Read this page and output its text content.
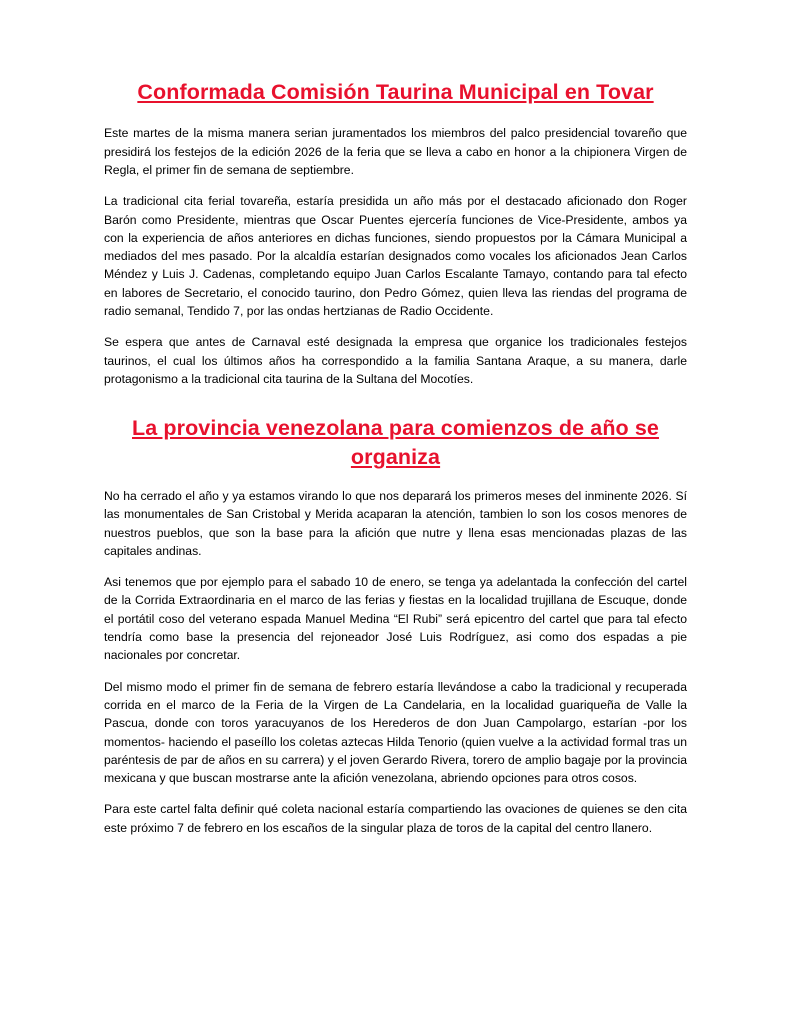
Conformada Comisión Taurina Municipal en Tovar

Este martes de la misma manera serian juramentados los miembros del palco presidencial tovareño que presidirá los festejos de la edición 2026 de la feria que se lleva a cabo en honor a la chipionera Virgen de Regla, el primer fin de semana de septiembre.

La tradicional cita ferial tovareña, estaría presidida un año más por el destacado aficionado don Roger Barón como Presidente, mientras que Oscar Puentes ejercería funciones de Vice-Presidente, ambos ya con la experiencia de años anteriores en dichas funciones, siendo propuestos por la Cámara Municipal a mediados del mes pasado. Por la alcaldía estarían designados como vocales los aficionados Jean Carlos Méndez y Luis J. Cadenas, completando equipo Juan Carlos Escalante Tamayo, contando para tal efecto en labores de Secretario, el conocido taurino, don Pedro Gómez, quien lleva las riendas del programa de radio semanal, Tendido 7, por las ondas hertzianas de Radio Occidente.

Se espera que antes de Carnaval esté designada la empresa que organice los tradicionales festejos taurinos, el cual los últimos años ha correspondido a la familia Santana Araque, a su manera, darle protagonismo a la tradicional cita taurina de la Sultana del Mocotíes.

La provincia venezolana para comienzos de año se organiza

No ha cerrado el año y ya estamos virando lo que nos deparará los primeros meses del inminente 2026. Sí las monumentales de San Cristobal y Merida acaparan la atención, tambien lo son los cosos menores de nuestros pueblos, que son la base para la afición que nutre y llena esas mencionadas plazas de las capitales andinas.

Asi tenemos que por ejemplo para el sabado 10 de enero, se tenga ya adelantada la confección del cartel de la Corrida Extraordinaria en el marco de las ferias y fiestas en la localidad trujillana de Escuque, donde el portátil coso del veterano espada Manuel Medina “El Rubi” será epicentro del cartel que para tal efecto tendría como base la presencia del rejoneador José Luis Rodríguez, asi como dos espadas a pie nacionales por concretar.

Del mismo modo el primer fin de semana de febrero estaría llevándose a cabo la tradicional y recuperada corrida en el marco de la Feria de la Virgen de La Candelaria, en la localidad guariqueña de Valle la Pascua, donde con toros yaracuyanos de los Herederos de don Juan Campolargo, estarían -por los momentos- haciendo el paseíllo los coletas aztecas Hilda Tenorio (quien vuelve a la actividad formal tras un paréntesis de par de años en su carrera) y el joven Gerardo Rivera, torero de amplio bagaje por la provincia mexicana y que buscan mostrarse ante la afición venezolana, abriendo opciones para otros cosos.

Para este cartel falta definir qué coleta nacional estaría compartiendo las ovaciones de quienes se den cita este próximo 7 de febrero en los escaños de la singular plaza de toros de la capital del centro llanero.
